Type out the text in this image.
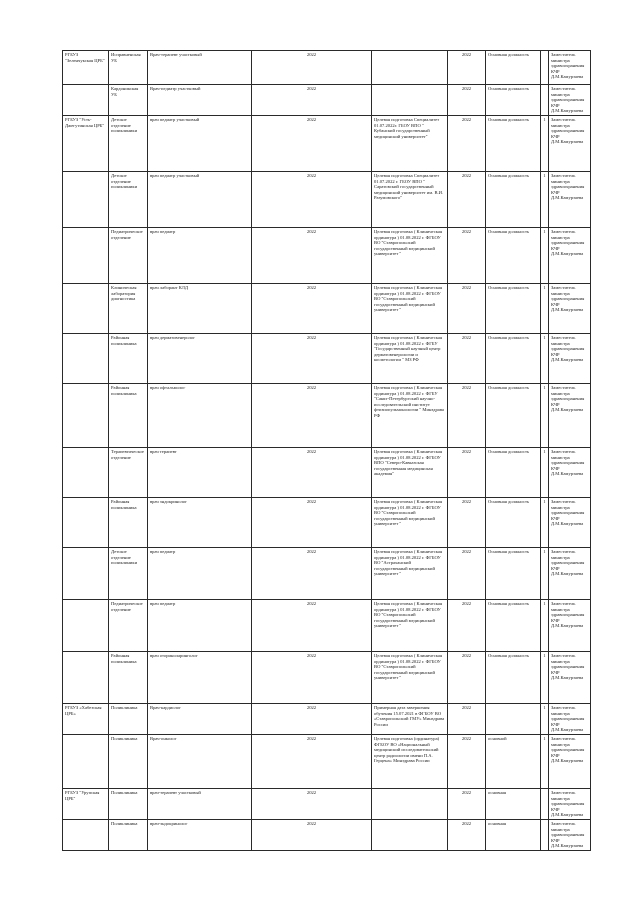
РГБУЗ "Зеленчукская ЦРБ"	Исправненская УБ	Врач-терапевт участковый	2022		2022	Основная должность		Заместитель министра здравоохранения КЧР Д.М.Камурзаева
	Кардоникская УБ	Врач-педиатр участковый	2022		2022	Основная должность		Заместитель министра здравоохранения КЧР Д.М.Камурзаева
РГБУЗ "Усть-Джегутинская ЦРБ"	Детское отделение поликлиники	врач педиатр участковый	2022	Целевая подготовка Специалитет 01.07.2022г. ГБОУ ВПО " Кубанский государственный медицинский университет"	2022	Основная должность	1	Заместитель министра здравоохранения КЧР Д.М.Камурзаева
	Детское отделение поликлиники	врач педиатр участковый	2022	Целевая подготовка Специалитет 01.07.2022 г. ГБОУ ВПО " Саратовский государственный медицинский университет им. В.И. Разумовского"	2022	Основная должность	1	Заместитель министра здравоохранения КЧР Д.М.Камурзаева
	Педиатрическое отделение	врач педиатр	2022	Целевая подготовка ( Клиническая ординатура ) 01.08.2022 г. ФГБОУ ВО "Ставропольский государственный медицинский университет "	2022	Основная должность	1	Заместитель министра здравоохранения КЧР Д.М.Камурзаева
	Клиническая лаборатория диагностика	врач лаборант КЛД	2022	Целевая подготовка ( Клиническая ординатура ) 01.08.2022 г. ФГБОУ ВО "Ставропольский государственный медицинский университет "	2022	Основная должность	1	Заместитель министра здравоохранения КЧР Д.М.Камурзаева
	Районная поликлиника	врач дерматовенеролог	2022	Целевая подготовка ( Клиническая ординатура ) 01.08.2022 г. ФГБУ "Государственный научный центр дерматовенерологии и косметологии " МЗ РФ	2022	Основная должность	1	Заместитель министра здравоохранения КЧР Д.М.Камурзаева
	Районная поликлиника	врач офтальмолог	2022	Целевая подготовка ( Клиническая ординатура ) 01.08.2022 г. ФГБУ "Санкт-Петербургский научно-исследовательский институт фтизиопульмонологии " Минздрава РФ	2022	Основная должность	1	Заместитель министра здравоохранения КЧР Д.М.Камурзаева
	Терапевтическое отделение	врач терапевт	2022	Целевая подготовка ( Клиническая ординатура ) 01.08.2022 г. ФГБОУ ВПО "Северо-Кавказская государственная медицинская академия"	2022	Основная должность	1	Заместитель министра здравоохранения КЧР Д.М.Камурзаева
	Районная поликлиника	врач эндокринолог	2022	Целевая подготовка ( Клиническая ординатура ) 01.08.2022 г. ФГБОУ ВО "Ставропольский государственный медицинский университет "	2022	Основная должность	1	Заместитель министра здравоохранения КЧР Д.М.Камурзаева
	Детское отделение поликлиники	врач педиатр	2022	Целевая подготовка ( Клиническая ординатура ) 01.08.2022 г. ФГБОУ ВО "Астраханский государственный медицинский университет "	2022	Основная должность	1	Заместитель министра здравоохранения КЧР Д.М.Камурзаева
	Педиатрическое отделение	врач педиатр	2022	Целевая подготовка ( Клиническая ординатура ) 01.08.2022 г. ФГБОУ ВО "Ставропольский государственный медицинский университет "	2022	Основная должность	1	Заместитель министра здравоохранения КЧР Д.М.Камурзаева
	Районная поликлиника	врач оториноларинголог	2022	Целевая подготовка ( Клиническая ординатура ) 01.08.2022 г. ФГБОУ ВО "Ставропольский государственный медицинский университет "	2022	Основная должность	1	Заместитель министра здравоохранения КЧР Д.М.Камурзаева
РГБУЗ «Хабезская ЦРБ»	Поликлиника	Врач-кардиолог	2022	Примерная дата завершения обучения 15.07.2021 в ФГБОУ ВО «Ставропольский ГМУ» Минздрава России	2022		1	Заместитель министра здравоохранения КЧР Д.М.Камурзаева
	Поликлиника	Врач-онколог	2022	Целевая подготовка (ординатура) ФГБОУ ВО «Национальный медицинский исследовательский центр радиологии имени П.А. Герцена» Минздрава России	2022	основной	1	Заместитель министра здравоохранения КЧР Д.М.Камурзаева
РГБУЗ "Урупская ЦРБ"	Поликлиника	врач-терапевт участковый	2022		2022	основная		Заместитель министра здравоохранения КЧР Д.М.Камурзаева
	Поликлиника	врач-эндокринолог	2022		2022	основная		Заместитель министра здравоохранения КЧР Д.М.Камурзаева
